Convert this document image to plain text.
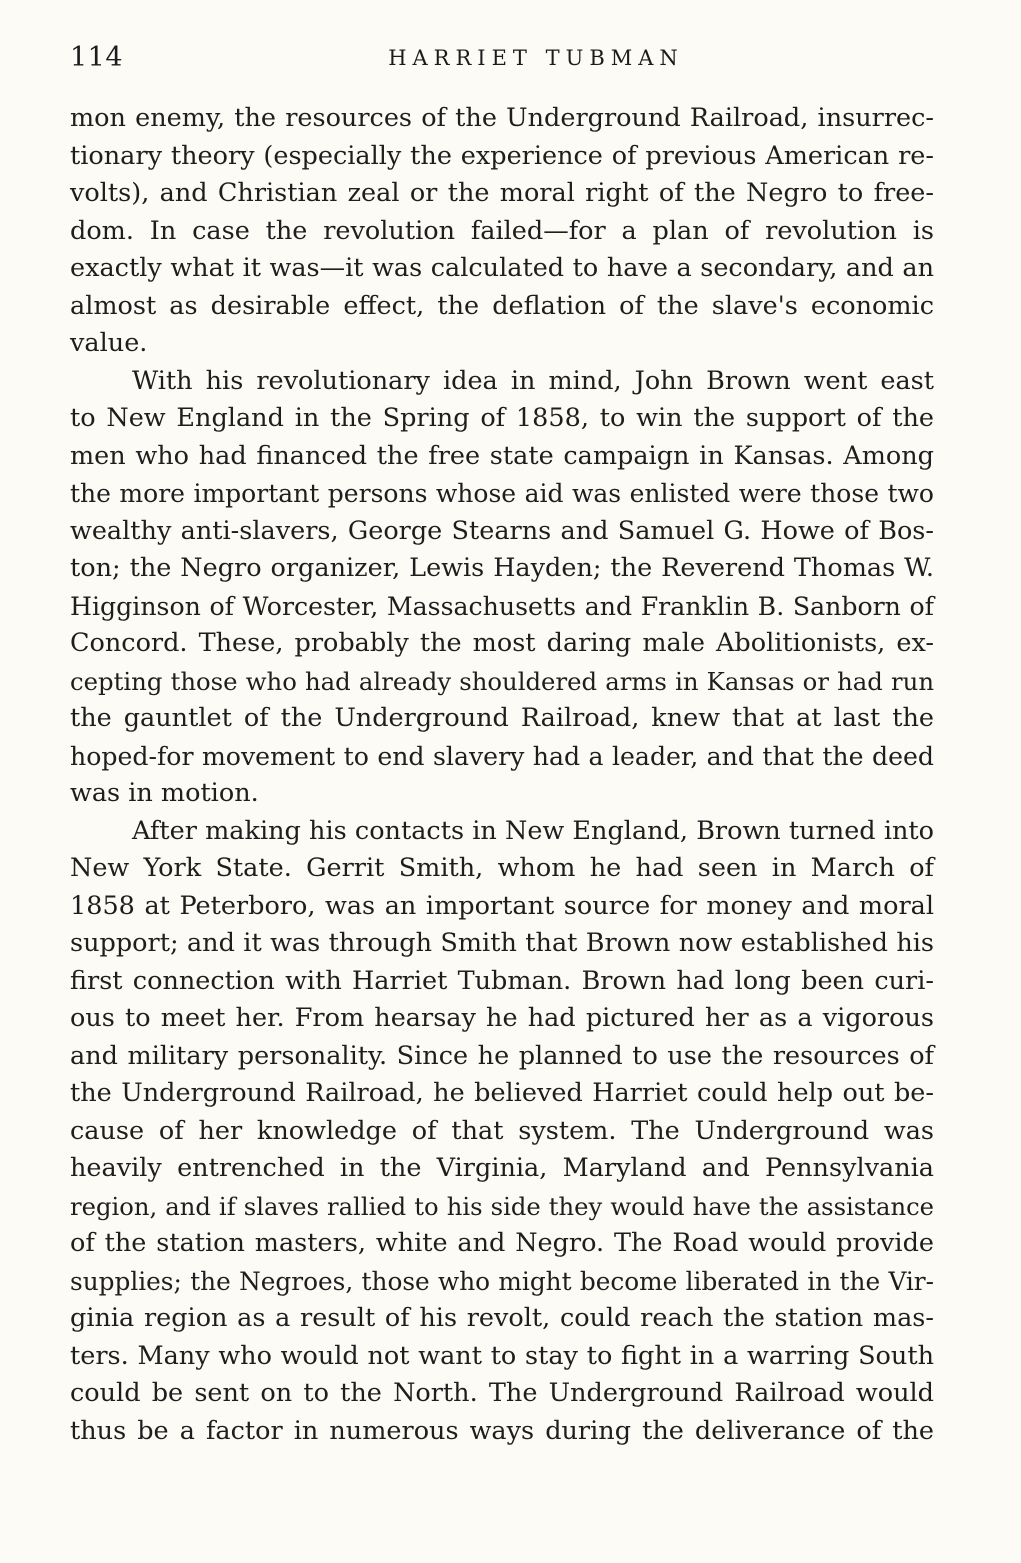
114	HARRIET TUBMAN
mon enemy, the resources of the Underground Railroad, insurrec-
tionary theory (especially the experience of previous American re-
volts), and Christian zeal or the moral right of the Negro to free-
dom. In case the revolution failed—for a plan of revolution is
exactly what it was—it was calculated to have a secondary, and an
almost as desirable effect, the deflation of the slave's economic
value.
With his revolutionary idea in mind, John Brown went east
to New England in the Spring of 1858, to win the support of the
men who had financed the free state campaign in Kansas. Among
the more important persons whose aid was enlisted were those two
wealthy anti-slavers, George Stearns and Samuel G. Howe of Bos-
ton; the Negro organizer, Lewis Hayden; the Reverend Thomas W.
Higginson of Worcester, Massachusetts and Franklin B. Sanborn of
Concord. These, probably the most daring male Abolitionists, ex-
cepting those who had already shouldered arms in Kansas or had run
the gauntlet of the Underground Railroad, knew that at last the
hoped-for movement to end slavery had a leader, and that the deed
was in motion.
After making his contacts in New England, Brown turned into
New York State. Gerrit Smith, whom he had seen in March of
1858 at Peterboro, was an important source for money and moral
support; and it was through Smith that Brown now established his
first connection with Harriet Tubman. Brown had long been curi-
ous to meet her. From hearsay he had pictured her as a vigorous
and military personality. Since he planned to use the resources of
the Underground Railroad, he believed Harriet could help out be-
cause of her knowledge of that system. The Underground was
heavily entrenched in the Virginia, Maryland and Pennsylvania
region, and if slaves rallied to his side they would have the assistance
of the station masters, white and Negro. The Road would provide
supplies; the Negroes, those who might become liberated in the Vir-
ginia region as a result of his revolt, could reach the station mas-
ters. Many who would not want to stay to fight in a warring South
could be sent on to the North. The Underground Railroad would
thus be a factor in numerous ways during the deliverance of the
